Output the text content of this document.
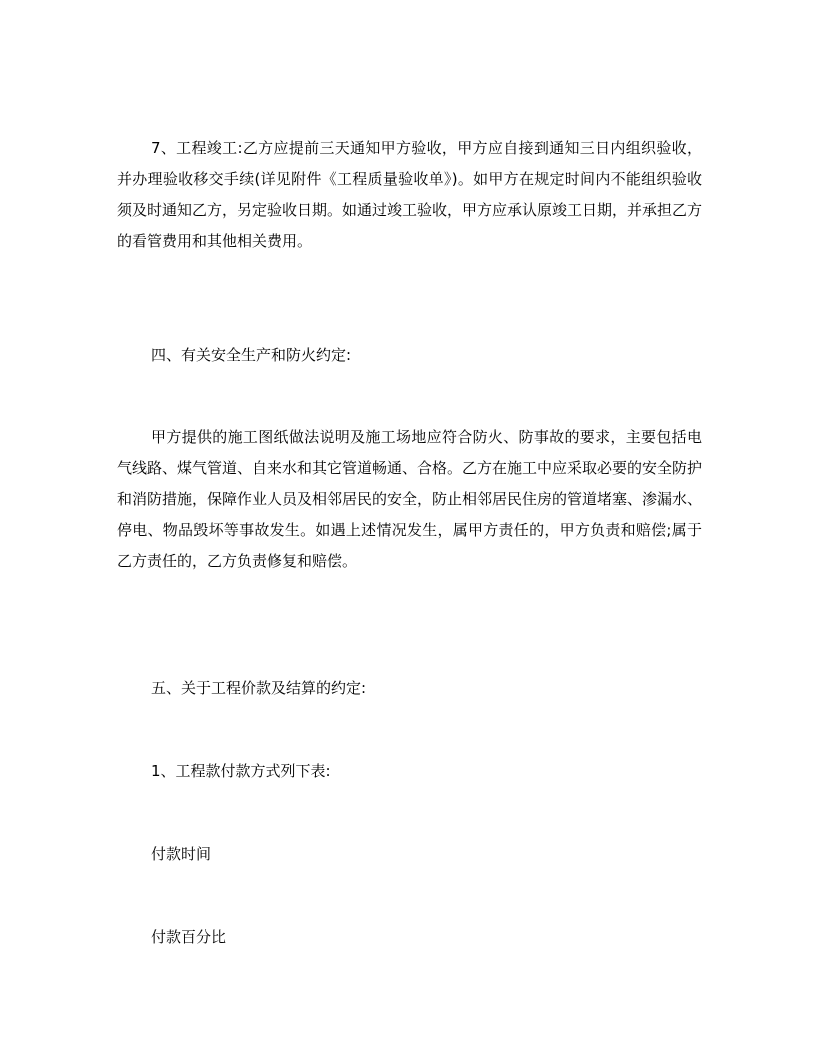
7、工程竣工:乙方应提前三天通知甲方验收，甲方应自接到通知三日内组织验收，并办理验收移交手续(详见附件《工程质量验收单》)。如甲方在规定时间内不能组织验收须及时通知乙方，另定验收日期。如通过竣工验收，甲方应承认原竣工日期，并承担乙方的看管费用和其他相关费用。

四、有关安全生产和防火约定:

甲方提供的施工图纸做法说明及施工场地应符合防火、防事故的要求，主要包括电气线路、煤气管道、自来水和其它管道畅通、合格。乙方在施工中应采取必要的安全防护和消防措施，保障作业人员及相邻居民的安全，防止相邻居民住房的管道堵塞、渗漏水、停电、物品毁坏等事故发生。如遇上述情况发生，属甲方责任的，甲方负责和赔偿;属于乙方责任的，乙方负责修复和赔偿。

五、关于工程价款及结算的约定:

1、工程款付款方式列下表:

付款时间

付款百分比
